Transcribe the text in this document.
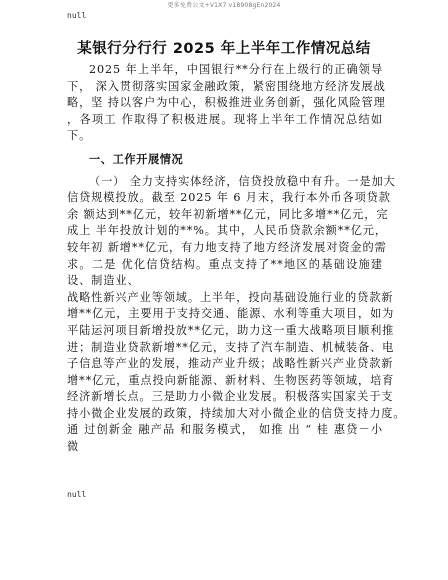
更多免费公文+V1X7 v18908gEn2024
null
某银行分行行 2025 年上半年工作情况总结
2025 年上半年，中国银行**分行在上级行的正确领导
下， 深入贯彻落实国家金融政策，紧密围绕地方经济发展战
略，坚 持以客户为中心，积极推进业务创新，强化风险管理
，各项工 作取得了积极进展。现将上半年工作情况总结如
下。
一、工作开展情况
（一） 全力支持实体经济，信贷投放稳中有升。一是加大
信贷规模投放。截至 2025 年 6 月末，我行本外币各项贷款
余 额达到**亿元，较年初新增**亿元，同比多增**亿元，完
成上 半年投放计划的**%。其中，人民币贷款余额**亿元，
较年初 新增**亿元，有力地支持了地方经济发展对资金的需
求。二是 优化信贷结构。重点支持了**地区的基础设施建
设、制造业、
战略性新兴产业等领域。上半年，投向基础设施行业的贷款新
增**亿元，主要用于支持交通、能源、水利等重大项目，如为
平陆运河项目新增投放**亿元，助力这一重大战略项目顺利推
进；制造业贷款新增**亿元，支持了汽车制造、机械装备、电
子信息等产业的发展，推动产业升级；战略性新兴产业贷款新
增**亿元，重点投向新能源、新材料、生物医药等领域，培育
经济新增长点。三是助力小微企业发展。积极落实国家关于支
持小微企业发展的政策，持续加大对小微企业的信贷支持力度。
通 过创新金 融产品 和服务模式， 如推 出 “ 桂 惠贷－小
微
null
